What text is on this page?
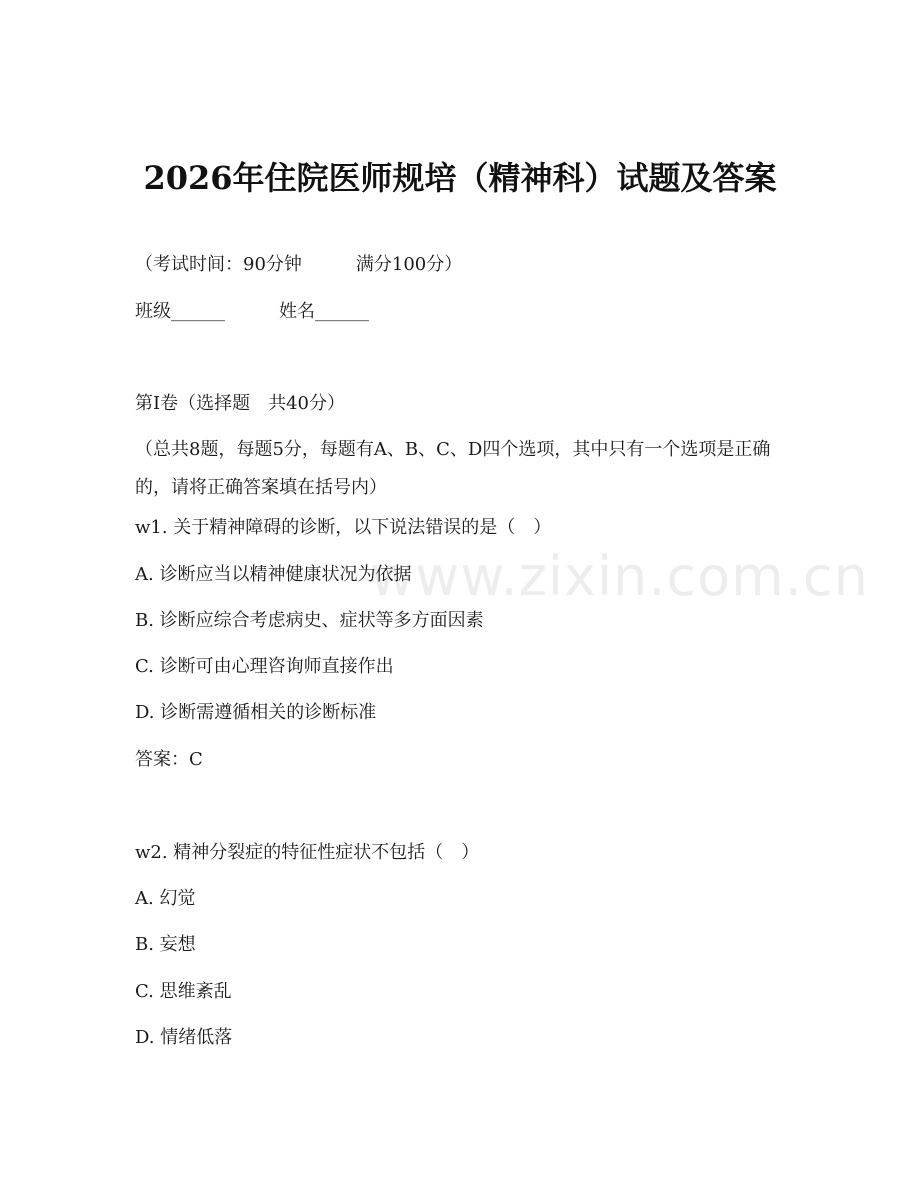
www.zixin.com.cn
2026年住院医师规培（精神科）试题及答案
（考试时间：90分钟	满分100分）
班级______	姓名______
第Ⅰ卷（选择题　共40分）
（总共8题，每题5分，每题有A、B、C、D四个选项，其中只有一个选项是正确的，请将正确答案填在括号内）
w1. 关于精神障碍的诊断，以下说法错误的是（　）
A. 诊断应当以精神健康状况为依据
B. 诊断应综合考虑病史、症状等多方面因素
C. 诊断可由心理咨询师直接作出
D. 诊断需遵循相关的诊断标准
答案：C
w2. 精神分裂症的特征性症状不包括（　）
A. 幻觉
B. 妄想
C. 思维紊乱
D. 情绪低落
